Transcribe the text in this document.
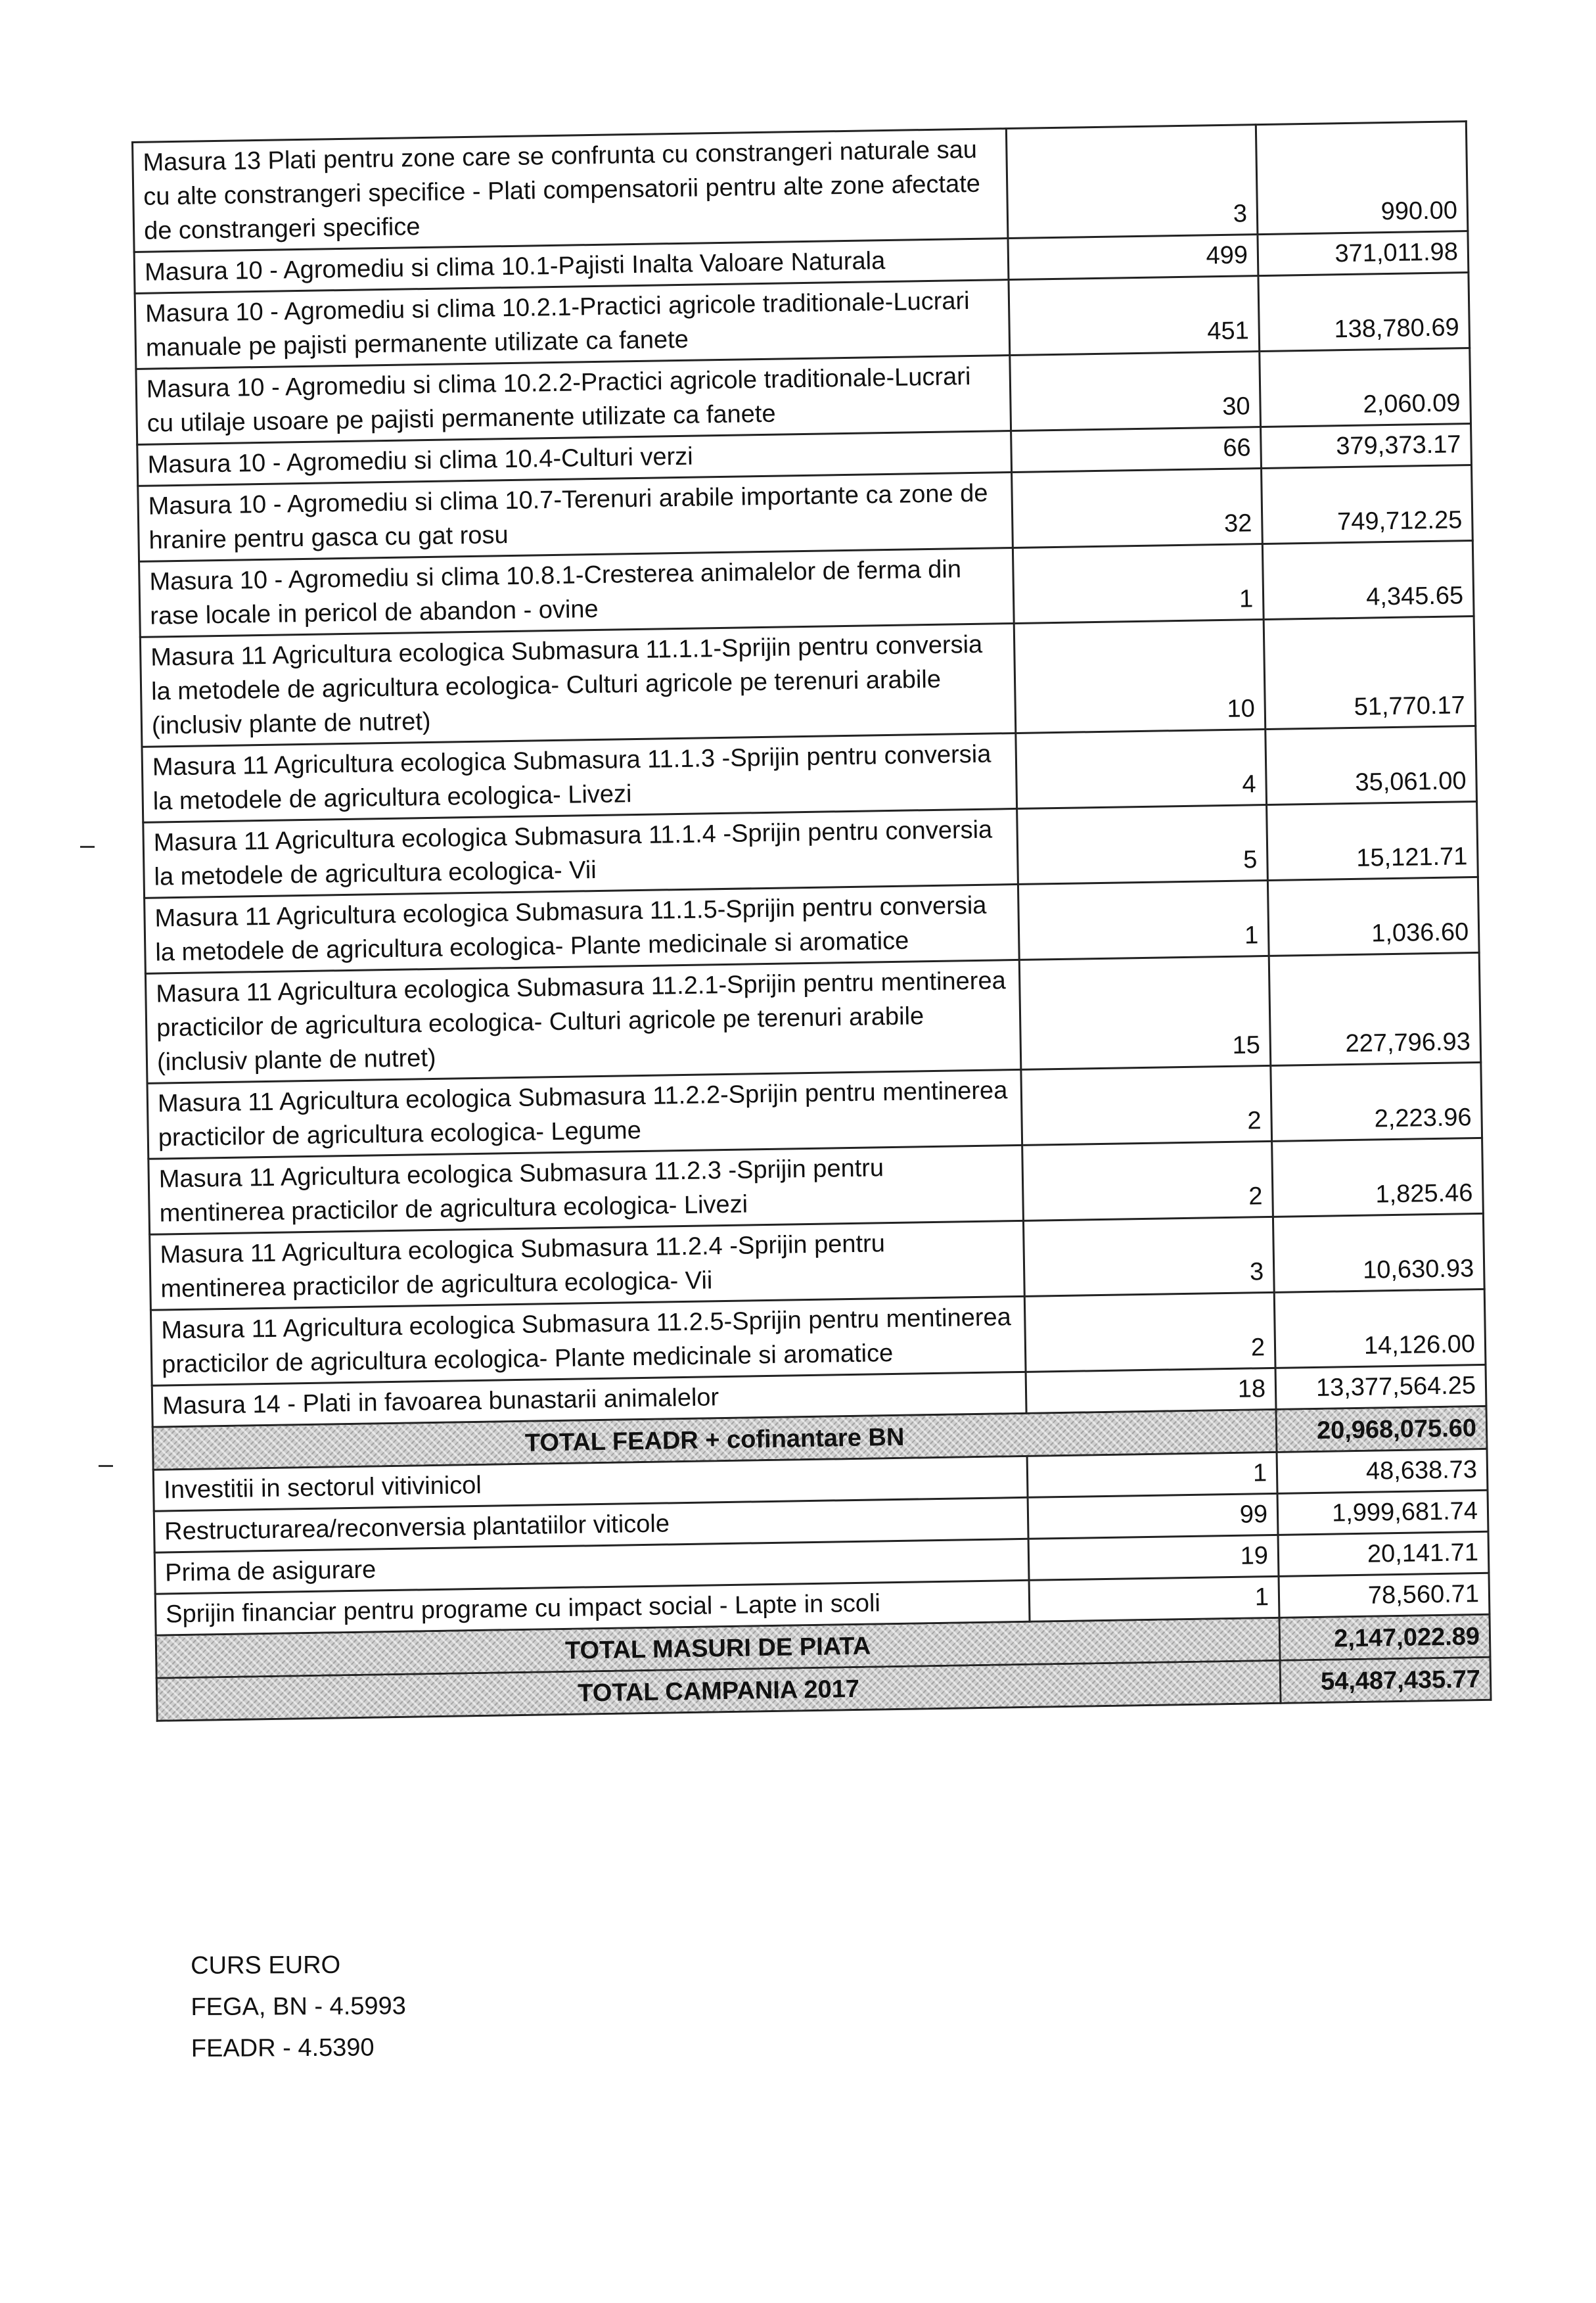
Masura 13 Plati pentru zone care se confrunta cu constrangeri naturale sau cu alte constrangeri specifice - Plati compensatorii pentru alte zone afectate de constrangeri specifice	3	990.00
Masura 10 - Agromediu si clima 10.1-Pajisti Inalta Valoare Naturala	499	371,011.98
Masura 10 - Agromediu si clima 10.2.1-Practici agricole traditionale-Lucrari manuale pe pajisti permanente utilizate ca fanete	451	138,780.69
Masura 10 - Agromediu si clima 10.2.2-Practici agricole traditionale-Lucrari cu utilaje usoare pe pajisti permanente utilizate ca fanete	30	2,060.09
Masura 10 - Agromediu si clima 10.4-Culturi verzi	66	379,373.17
Masura 10 - Agromediu si clima 10.7-Terenuri arabile importante ca zone de hranire pentru gasca cu gat rosu	32	749,712.25
Masura 10 - Agromediu si clima 10.8.1-Cresterea animalelor de ferma din rase locale in pericol de abandon - ovine	1	4,345.65
Masura 11 Agricultura ecologica Submasura 11.1.1-Sprijin pentru conversia la metodele de agricultura ecologica- Culturi agricole pe terenuri arabile (inclusiv plante de nutret)	10	51,770.17
Masura 11 Agricultura ecologica Submasura 11.1.3 -Sprijin pentru conversia la metodele de agricultura ecologica- Livezi	4	35,061.00
Masura 11 Agricultura ecologica Submasura 11.1.4 -Sprijin pentru conversia la metodele de agricultura ecologica- Vii	5	15,121.71
Masura 11 Agricultura ecologica Submasura 11.1.5-Sprijin pentru conversia la metodele de agricultura ecologica- Plante medicinale si aromatice	1	1,036.60
Masura 11 Agricultura ecologica Submasura 11.2.1-Sprijin pentru mentinerea practicilor de agricultura ecologica- Culturi agricole pe terenuri arabile (inclusiv plante de nutret)	15	227,796.93
Masura 11 Agricultura ecologica Submasura 11.2.2-Sprijin pentru mentinerea practicilor de agricultura ecologica- Legume	2	2,223.96
Masura 11 Agricultura ecologica Submasura 11.2.3 -Sprijin pentru mentinerea practicilor de agricultura ecologica- Livezi	2	1,825.46
Masura 11 Agricultura ecologica Submasura 11.2.4 -Sprijin pentru mentinerea practicilor de agricultura ecologica- Vii	3	10,630.93
Masura 11 Agricultura ecologica Submasura 11.2.5-Sprijin pentru mentinerea practicilor de agricultura ecologica- Plante medicinale si aromatice	2	14,126.00
Masura 14 - Plati in favoarea bunastarii animalelor	18	13,377,564.25
TOTAL FEADR + cofinantare BN		20,968,075.60
Investitii in sectorul vitivinicol	1	48,638.73
Restructurarea/reconversia plantatiilor viticole	99	1,999,681.74
Prima de asigurare	19	20,141.71
Sprijin financiar pentru programe cu impact social - Lapte in scoli	1	78,560.71
TOTAL MASURI DE PIATA		2,147,022.89
TOTAL CAMPANIA 2017		54,487,435.77
CURS EURO
FEGA, BN - 4.5993
FEADR - 4.5390
